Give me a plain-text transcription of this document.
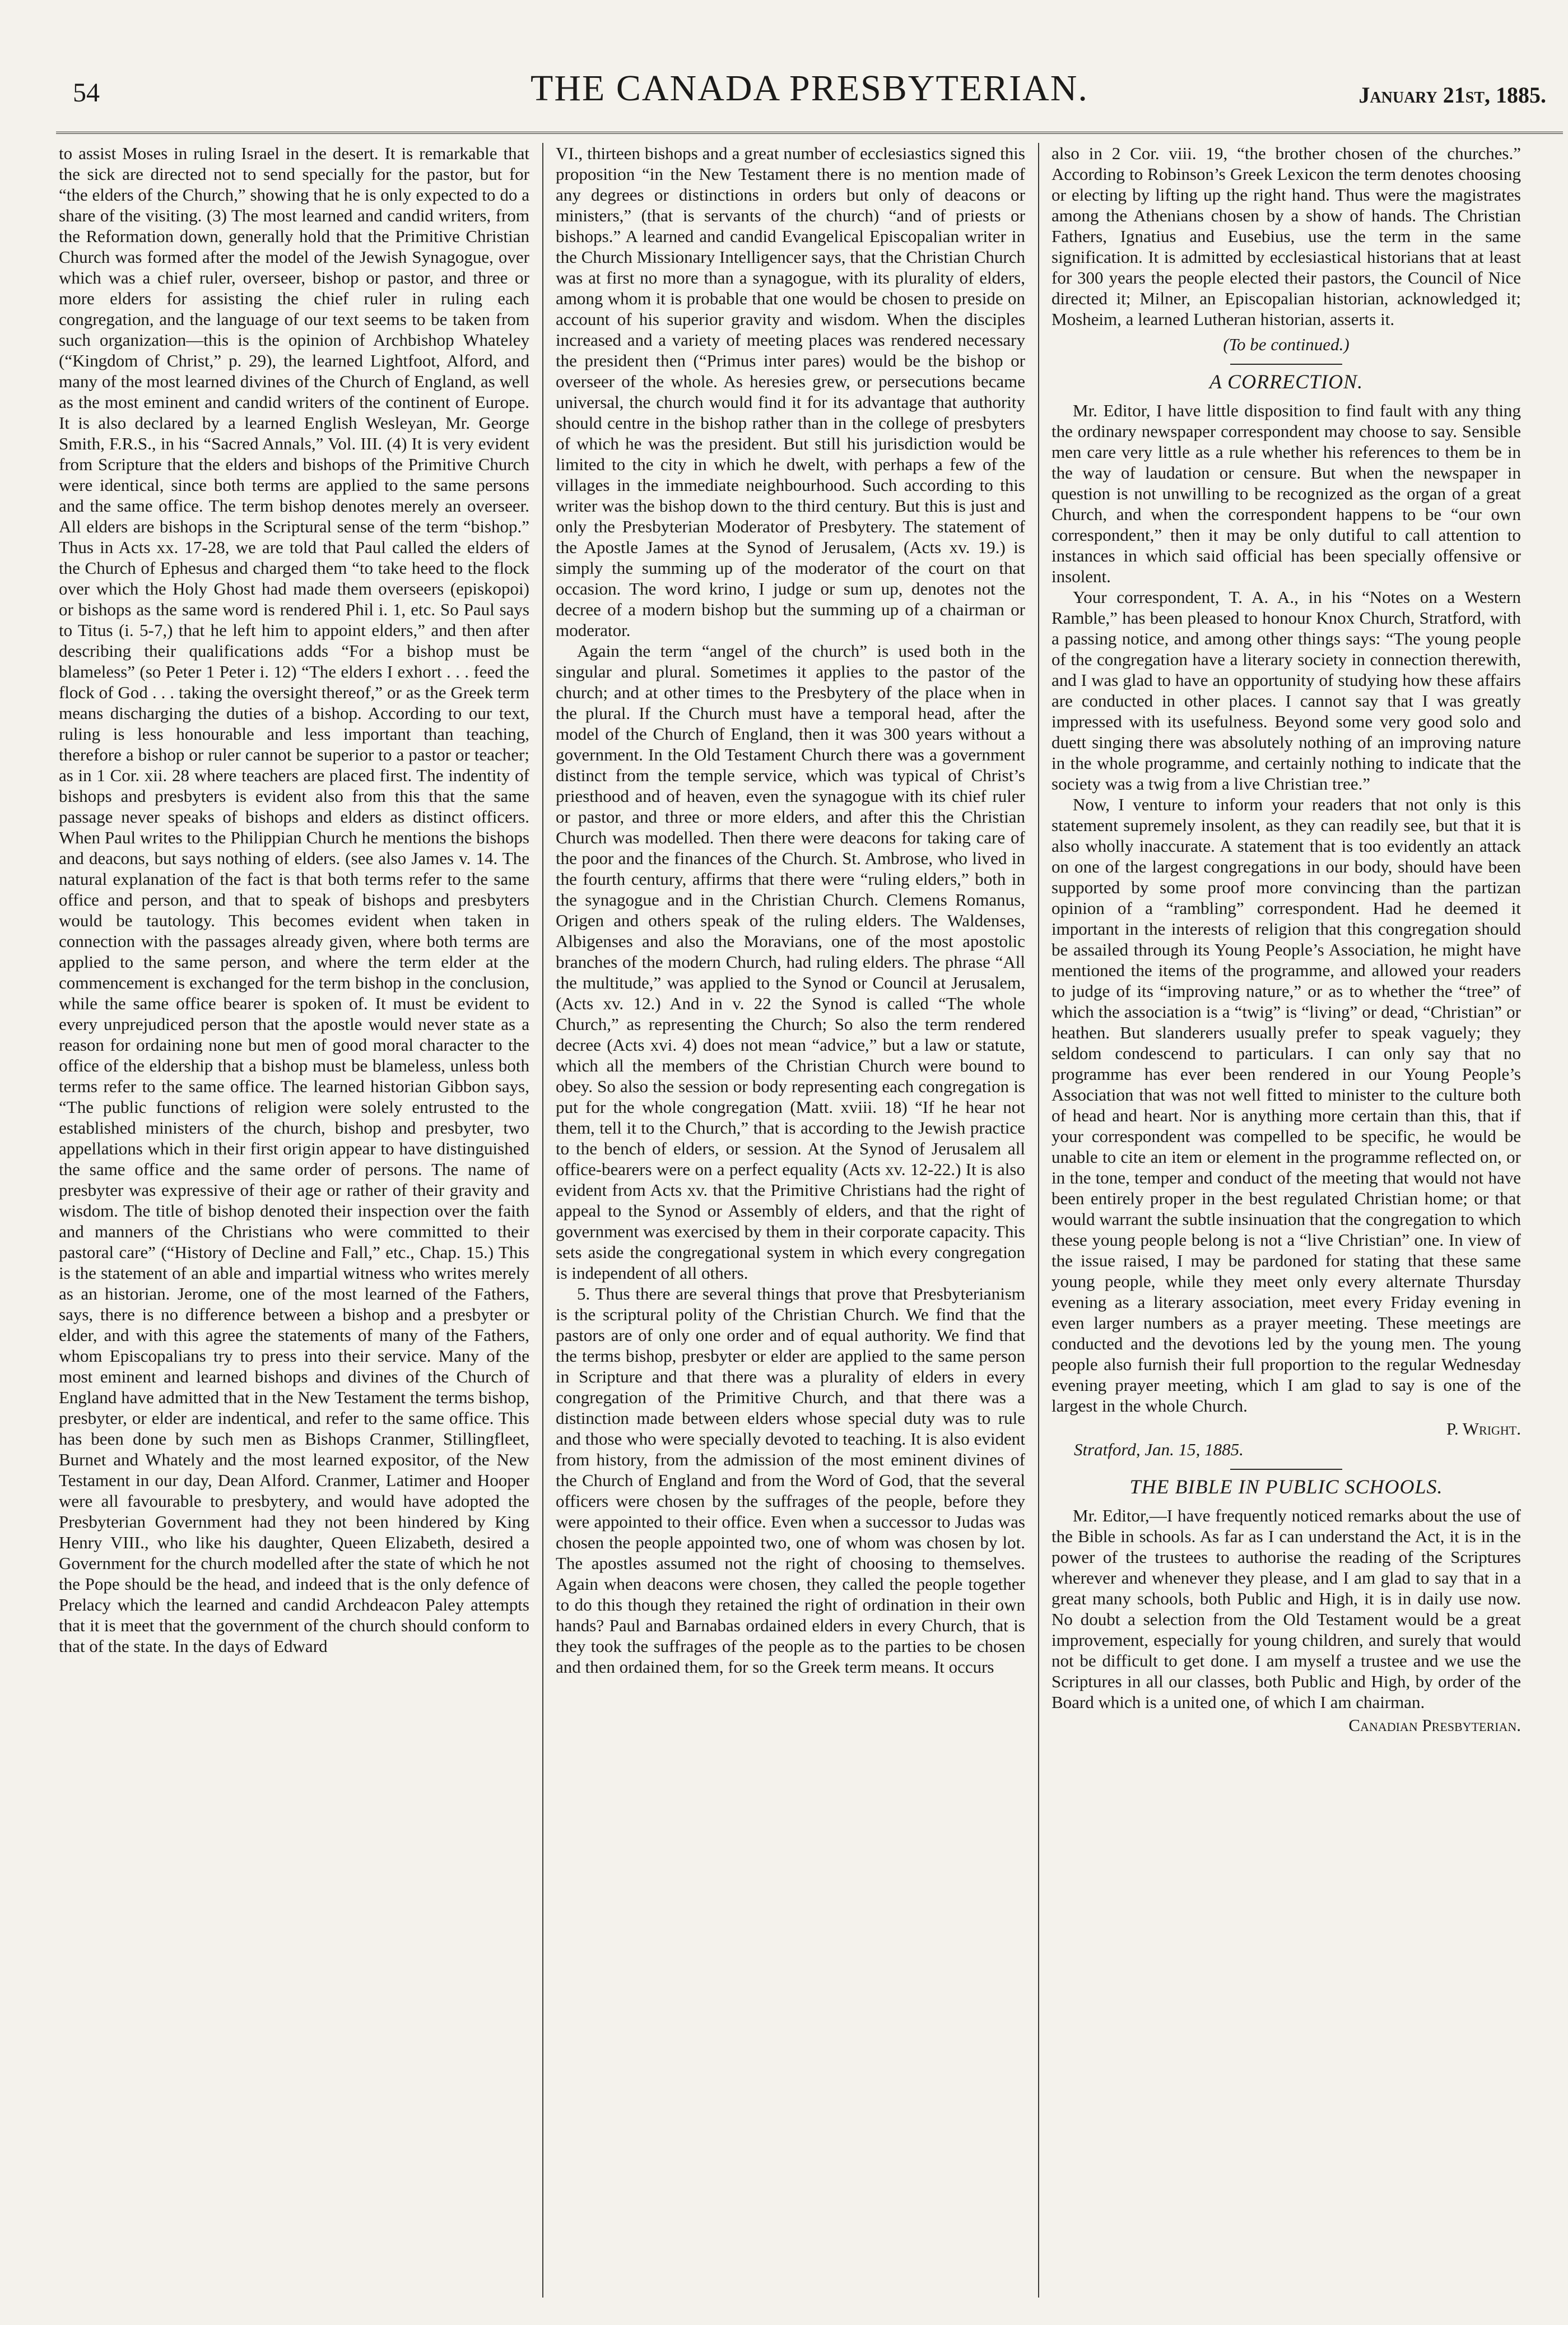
54	THE CANADA PRESBYTERIAN.	January 21st, 1885.

to assist Moses in ruling Israel in the desert. It is remarkable that the sick are directed not to send specially for the pastor, but for “the elders of the Church,” showing that he is only expected to do a share of the visiting. (3) The most learned and candid writers, from the Reformation down, generally hold that the Primitive Christian Church was formed after the model of the Jewish Synagogue, over which was a chief ruler, overseer, bishop or pastor, and three or more elders for assisting the chief ruler in ruling each congregation, and the language of our text seems to be taken from such organization—this is the opinion of Archbishop Whateley (“Kingdom of Christ,” p. 29), the learned Lightfoot, Alford, and many of the most learned divines of the Church of England, as well as the most eminent and candid writers of the continent of Europe. It is also declared by a learned English Wesleyan, Mr. George Smith, F.R.S., in his “Sacred Annals,” Vol. III. (4) It is very evident from Scripture that the elders and bishops of the Primitive Church were identical, since both terms are applied to the same persons and the same office. The term bishop denotes merely an overseer. All elders are bishops in the Scriptural sense of the term “bishop.” Thus in Acts xx. 17-28, we are told that Paul called the elders of the Church of Ephesus and charged them “to take heed to the flock over which the Holy Ghost had made them overseers (episkopoi) or bishops as the same word is rendered Phil i. 1, etc. So Paul says to Titus (i. 5-7,) that he left him to appoint elders,” and then after describing their qualifications adds “For a bishop must be blameless” (so Peter 1 Peter i. 12) “The elders I exhort . . . feed the flock of God . . . taking the oversight thereof,” or as the Greek term means discharging the duties of a bishop. According to our text, ruling is less honourable and less important than teaching, therefore a bishop or ruler cannot be superior to a pastor or teacher; as in 1 Cor. xii. 28 where teachers are placed first. The indentity of bishops and presbyters is evident also from this that the same passage never speaks of bishops and elders as distinct officers. When Paul writes to the Philippian Church he mentions the bishops and deacons, but says nothing of elders. (see also James v. 14. The natural explanation of the fact is that both terms refer to the same office and person, and that to speak of bishops and presbyters would be tautology. This becomes evident when taken in connection with the passages already given, where both terms are applied to the same person, and where the term elder at the commencement is exchanged for the term bishop in the conclusion, while the same office bearer is spoken of. It must be evident to every unprejudiced person that the apostle would never state as a reason for ordaining none but men of good moral character to the office of the eldership that a bishop must be blameless, unless both terms refer to the same office. The learned historian Gibbon says, “The public functions of religion were solely entrusted to the established ministers of the church, bishop and presbyter, two appellations which in their first origin appear to have distinguished the same office and the same order of persons. The name of presbyter was expressive of their age or rather of their gravity and wisdom. The title of bishop denoted their inspection over the faith and manners of the Christians who were committed to their pastoral care” (“History of Decline and Fall,” etc., Chap. 15.) This is the statement of an able and impartial witness who writes merely as an historian. Jerome, one of the most learned of the Fathers, says, there is no difference between a bishop and a presbyter or elder, and with this agree the statements of many of the Fathers, whom Episcopalians try to press into their service. Many of the most eminent and learned bishops and divines of the Church of England have admitted that in the New Testament the terms bishop, presbyter, or elder are indentical, and refer to the same office. This has been done by such men as Bishops Cranmer, Stillingfleet, Burnet and Whately and the most learned expositor, of the New Testament in our day, Dean Alford. Cranmer, Latimer and Hooper were all favourable to presbytery, and would have adopted the Presbyterian Government had they not been hindered by King Henry VIII., who like his daughter, Queen Elizabeth, desired a Government for the church modelled after the state of which he not the Pope should be the head, and indeed that is the only defence of Prelacy which the learned and candid Archdeacon Paley attempts that it is meet that the government of the church should conform to that of the state. In the days of Edward

VI., thirteen bishops and a great number of ecclesiastics signed this proposition “in the New Testament there is no mention made of any degrees or distinctions in orders but only of deacons or ministers,” (that is servants of the church) “and of priests or bishops.” A learned and candid Evangelical Episcopalian writer in the Church Missionary Intelligencer says, that the Christian Church was at first no more than a synagogue, with its plurality of elders, among whom it is probable that one would be chosen to preside on account of his superior gravity and wisdom. When the disciples increased and a variety of meeting places was rendered necessary the president then (“Primus inter pares) would be the bishop or overseer of the whole. As heresies grew, or persecutions became universal, the church would find it for its advantage that authority should centre in the bishop rather than in the college of presbyters of which he was the president. But still his jurisdiction would be limited to the city in which he dwelt, with perhaps a few of the villages in the immediate neighbourhood. Such according to this writer was the bishop down to the third century. But this is just and only the Presbyterian Moderator of Presbytery. The statement of the Apostle James at the Synod of Jerusalem, (Acts xv. 19.) is simply the summing up of the moderator of the court on that occasion. The word krino, I judge or sum up, denotes not the decree of a modern bishop but the summing up of a chairman or moderator.

Again the term “angel of the church” is used both in the singular and plural. Sometimes it applies to the pastor of the church; and at other times to the Presbytery of the place when in the plural. If the Church must have a temporal head, after the model of the Church of England, then it was 300 years without a government. In the Old Testament Church there was a government distinct from the temple service, which was typical of Christ’s priesthood and of heaven, even the synagogue with its chief ruler or pastor, and three or more elders, and after this the Christian Church was modelled. Then there were deacons for taking care of the poor and the finances of the Church. St. Ambrose, who lived in the fourth century, affirms that there were “ruling elders,” both in the synagogue and in the Christian Church. Clemens Romanus, Origen and others speak of the ruling elders. The Waldenses, Albigenses and also the Moravians, one of the most apostolic branches of the modern Church, had ruling elders. The phrase “All the multitude,” was applied to the Synod or Council at Jerusalem, (Acts xv. 12.) And in v. 22 the Synod is called “The whole Church,” as representing the Church; So also the term rendered decree (Acts xvi. 4) does not mean “advice,” but a law or statute, which all the members of the Christian Church were bound to obey. So also the session or body representing each congregation is put for the whole congregation (Matt. xviii. 18) “If he hear not them, tell it to the Church,” that is according to the Jewish practice to the bench of elders, or session. At the Synod of Jerusalem all office-bearers were on a perfect equality (Acts xv. 12-22.) It is also evident from Acts xv. that the Primitive Christians had the right of appeal to the Synod or Assembly of elders, and that the right of government was exercised by them in their corporate capacity. This sets aside the congregational system in which every congregation is independent of all others.

5. Thus there are several things that prove that Presbyterianism is the scriptural polity of the Christian Church. We find that the pastors are of only one order and of equal authority. We find that the terms bishop, presbyter or elder are applied to the same person in Scripture and that there was a plurality of elders in every congregation of the Primitive Church, and that there was a distinction made between elders whose special duty was to rule and those who were specially devoted to teaching. It is also evident from history, from the admission of the most eminent divines of the Church of England and from the Word of God, that the several officers were chosen by the suffrages of the people, before they were appointed to their office. Even when a successor to Judas was chosen the people appointed two, one of whom was chosen by lot. The apostles assumed not the right of choosing to themselves. Again when deacons were chosen, they called the people together to do this though they retained the right of ordination in their own hands? Paul and Barnabas ordained elders in every Church, that is they took the suffrages of the people as to the parties to be chosen and then ordained them, for so the Greek term means. It occurs

also in 2 Cor. viii. 19, “the brother chosen of the churches.” According to Robinson’s Greek Lexicon the term denotes choosing or electing by lifting up the right hand. Thus were the magistrates among the Athenians chosen by a show of hands. The Christian Fathers, Ignatius and Eusebius, use the term in the same signification. It is admitted by ecclesiastical historians that at least for 300 years the people elected their pastors, the Council of Nice directed it; Milner, an Episcopalian historian, acknowledged it; Mosheim, a learned Lutheran historian, asserts it.

(To be continued.)
A CORRECTION.

Mr. Editor, I have little disposition to find fault with any thing the ordinary newspaper correspondent may choose to say. Sensible men care very little as a rule whether his references to them be in the way of laudation or censure. But when the newspaper in question is not unwilling to be recognized as the organ of a great Church, and when the correspondent happens to be “our own correspondent,” then it may be only dutiful to call attention to instances in which said official has been specially offensive or insolent.

Your correspondent, T. A. A., in his “Notes on a Western Ramble,” has been pleased to honour Knox Church, Stratford, with a passing notice, and among other things says: “The young people of the congregation have a literary society in connection therewith, and I was glad to have an opportunity of studying how these affairs are conducted in other places. I cannot say that I was greatly impressed with its usefulness. Beyond some very good solo and duett singing there was absolutely nothing of an improving nature in the whole programme, and certainly nothing to indicate that the society was a twig from a live Christian tree.”

Now, I venture to inform your readers that not only is this statement supremely insolent, as they can readily see, but that it is also wholly inaccurate. A statement that is too evidently an attack on one of the largest congregations in our body, should have been supported by some proof more convincing than the partizan opinion of a “rambling” correspondent. Had he deemed it important in the interests of religion that this congregation should be assailed through its Young People’s Association, he might have mentioned the items of the programme, and allowed your readers to judge of its “improving nature,” or as to whether the “tree” of which the association is a “twig” is “living” or dead, “Christian” or heathen. But slanderers usually prefer to speak vaguely; they seldom condescend to particulars. I can only say that no programme has ever been rendered in our Young People’s Association that was not well fitted to minister to the culture both of head and heart. Nor is anything more certain than this, that if your correspondent was compelled to be specific, he would be unable to cite an item or element in the programme reflected on, or in the tone, temper and conduct of the meeting that would not have been entirely proper in the best regulated Christian home; or that would warrant the subtle insinuation that the congregation to which these young people belong is not a “live Christian” one. In view of the issue raised, I may be pardoned for stating that these same young people, while they meet only every alternate Thursday evening as a literary association, meet every Friday evening in even larger numbers as a prayer meeting. These meetings are conducted and the devotions led by the young men. The young people also furnish their full proportion to the regular Wednesday evening prayer meeting, which I am glad to say is one of the largest in the whole Church.

P. Wright.
Stratford, Jan. 15, 1885.
THE BIBLE IN PUBLIC SCHOOLS.

Mr. Editor,—I have frequently noticed remarks about the use of the Bible in schools. As far as I can understand the Act, it is in the power of the trustees to authorise the reading of the Scriptures wherever and whenever they please, and I am glad to say that in a great many schools, both Public and High, it is in daily use now. No doubt a selection from the Old Testament would be a great improvement, especially for young children, and surely that would not be difficult to get done. I am myself a trustee and we use the Scriptures in all our classes, both Public and High, by order of the Board which is a united one, of which I am chairman.

Canadian Presbyterian.
